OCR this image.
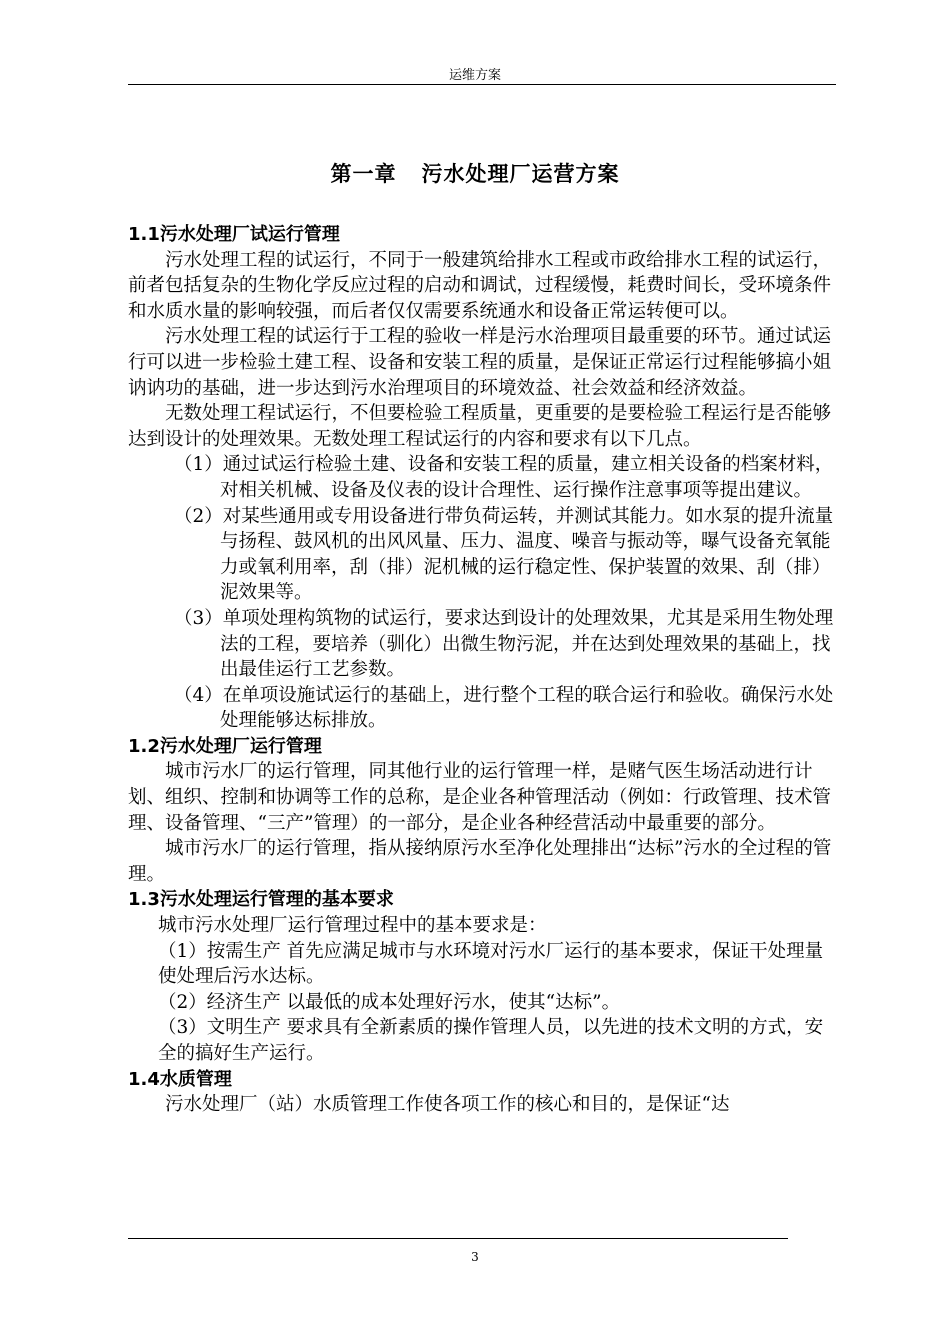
运维方案
第一章   污水处理厂运营方案

1.1污水处理厂试运行管理

污水处理工程的试运行，不同于一般建筑给排水工程或市政给排水工程的试运行，前者包括复杂的生物化学反应过程的启动和调试，过程缓慢，耗费时间长，受环境条件和水质水量的影响较强，而后者仅仅需要系统通水和设备正常运转便可以。

污水处理工程的试运行于工程的验收一样是污水治理项目最重要的环节。通过试运行可以进一步检验土建工程、设备和安装工程的质量，是保证正常运行过程能够搞小姐讷讷功的基础，进一步达到污水治理项目的环境效益、社会效益和经济效益。

无数处理工程试运行，不但要检验工程质量，更重要的是要检验工程运行是否能够达到设计的处理效果。无数处理工程试运行的内容和要求有以下几点。

（1）通过试运行检验土建、设备和安装工程的质量，建立相关设备的档案材料，对相关机械、设备及仪表的设计合理性、运行操作注意事项等提出建议。

（2）对某些通用或专用设备进行带负荷运转，并测试其能力。如水泵的提升流量与扬程、鼓风机的出风风量、压力、温度、噪音与振动等，曝气设备充氧能力或氧利用率，刮（排）泥机械的运行稳定性、保护装置的效果、刮（排）泥效果等。

（3）单项处理构筑物的试运行，要求达到设计的处理效果，尤其是采用生物处理法的工程，要培养（驯化）出微生物污泥，并在达到处理效果的基础上，找出最佳运行工艺参数。

（4）在单项设施试运行的基础上，进行整个工程的联合运行和验收。确保污水处处理能够达标排放。

1.2污水处理厂运行管理

城市污水厂的运行管理，同其他行业的运行管理一样，是赌气医生场活动进行计划、组织、控制和协调等工作的总称，是企业各种管理活动（例如：行政管理、技术管理、设备管理、“三产”管理）的一部分，是企业各种经营活动中最重要的部分。

城市污水厂的运行管理，指从接纳原污水至净化处理排出“达标”污水的全过程的管理。

1.3污水处理运行管理的基本要求

城市污水处理厂运行管理过程中的基本要求是：

（1）按需生产 首先应满足城市与水环境对污水厂运行的基本要求，保证干处理量使处理后污水达标。

（2）经济生产 以最低的成本处理好污水，使其“达标”。

（3）文明生产 要求具有全新素质的操作管理人员，以先进的技术文明的方式，安全的搞好生产运行。

1.4水质管理

污水处理厂（站）水质管理工作使各项工作的核心和目的，是保证“达

3
